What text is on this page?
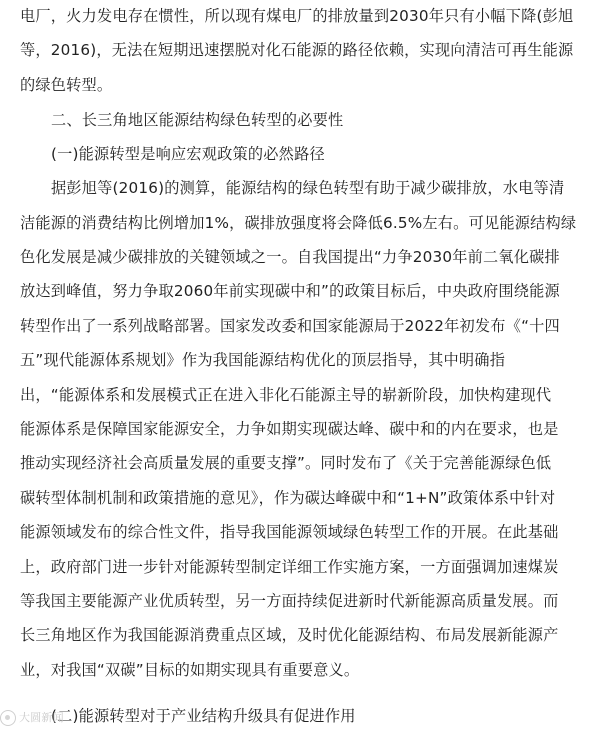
电厂，火力发电存在惯性，所以现有煤电厂的排放量到2030年只有小幅下降(彭旭
等，2016)，无法在短期迅速摆脱对化石能源的路径依赖，实现向清洁可再生能源
的绿色转型。
二、长三角地区能源结构绿色转型的必要性
(一)能源转型是响应宏观政策的必然路径
据彭旭等(2016)的测算，能源结构的绿色转型有助于减少碳排放，水电等清
洁能源的消费结构比例增加1%，碳排放强度将会降低6.5%左右。可见能源结构绿
色化发展是减少碳排放的关键领域之一。自我国提出“力争2030年前二氧化碳排
放达到峰值，努力争取2060年前实现碳中和”的政策目标后，中央政府围绕能源
转型作出了一系列战略部署。国家发改委和国家能源局于2022年初发布《“十四
五”现代能源体系规划》作为我国能源结构优化的顶层指导，其中明确指
出，“能源体系和发展模式正在进入非化石能源主导的崭新阶段，加快构建现代
能源体系是保障国家能源安全，力争如期实现碳达峰、碳中和的内在要求，也是
推动实现经济社会高质量发展的重要支撑”。同时发布了《关于完善能源绿色低
碳转型体制机制和政策措施的意见》，作为碳达峰碳中和“1+N”政策体系中针对
能源领域发布的综合性文件，指导我国能源领域绿色转型工作的开展。在此基础
上，政府部门进一步针对能源转型制定详细工作实施方案，一方面强调加速煤炭
等我国主要能源产业优质转型，另一方面持续促进新时代新能源高质量发展。而
长三角地区作为我国能源消费重点区域，及时优化能源结构、布局发展新能源产
业，对我国“双碳”目标的如期实现具有重要意义。
(二)能源转型对于产业结构升级具有促进作用
大圆新闻
